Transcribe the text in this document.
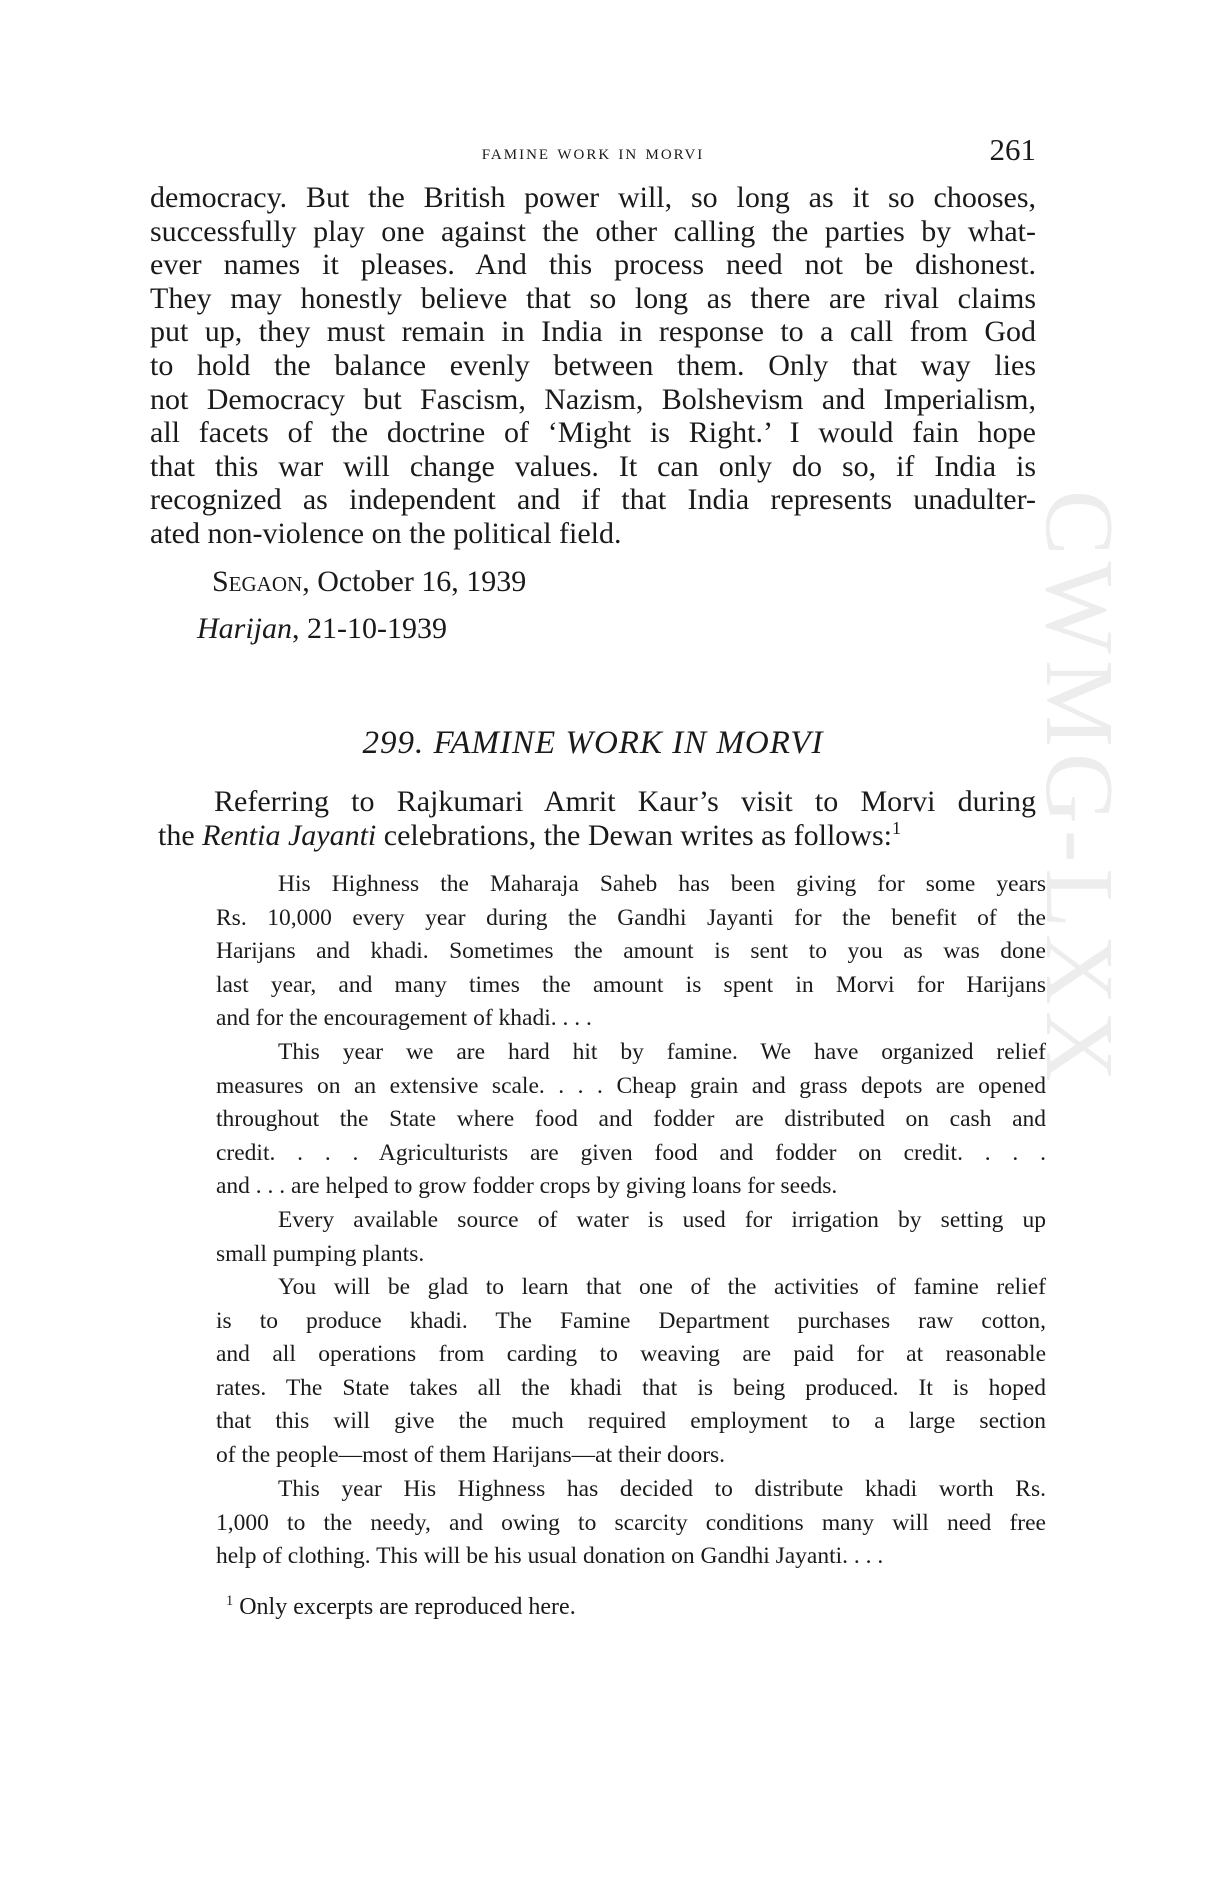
CWMG-LXX
famine work in morvi	261
democracy. But the British power will, so long as it so chooses,
successfully play one against the other calling the parties by what-
ever names it pleases. And this process need not be dishonest.
They may honestly believe that so long as there are rival claims
put up, they must remain in India in response to a call from God
to hold the balance evenly between them. Only that way lies
not Democracy but Fascism, Nazism, Bolshevism and Imperialism,
all facets of the doctrine of ‘Might is Right.’ I would fain hope
that this war will change values. It can only do so, if India is
recognized as independent and if that India represents unadulter-
ated non-violence on the political field.
Segaon, October 16, 1939
Harijan, 21-10-1939
299. FAMINE WORK IN MORVI
Referring to Rajkumari Amrit Kaur’s visit to Morvi during
the Rentia Jayanti celebrations, the Dewan writes as follows:$^1$
His Highness the Maharaja Saheb has been giving for some years
Rs. 10,000 every year during the Gandhi Jayanti for the benefit of the
Harijans and khadi. Sometimes the amount is sent to you as was done
last year, and many times the amount is spent in Morvi for Harijans
and for the encouragement of khadi. . . .
This year we are hard hit by famine. We have organized relief
measures on an extensive scale. . . . Cheap grain and grass depots are opened
throughout the State where food and fodder are distributed on cash and
credit. . . . Agriculturists are given food and fodder on credit. . . .
and . . . are helped to grow fodder crops by giving loans for seeds.
Every available source of water is used for irrigation by setting up
small pumping plants.
You will be glad to learn that one of the activities of famine relief
is to produce khadi. The Famine Department purchases raw cotton,
and all operations from carding to weaving are paid for at reasonable
rates. The State takes all the khadi that is being produced. It is hoped
that this will give the much required employment to a large section
of the people—most of them Harijans—at their doors.
This year His Highness has decided to distribute khadi worth Rs.
1,000 to the needy, and owing to scarcity conditions many will need free
help of clothing. This will be his usual donation on Gandhi Jayanti. . . .
$^1$ Only excerpts are reproduced here.
